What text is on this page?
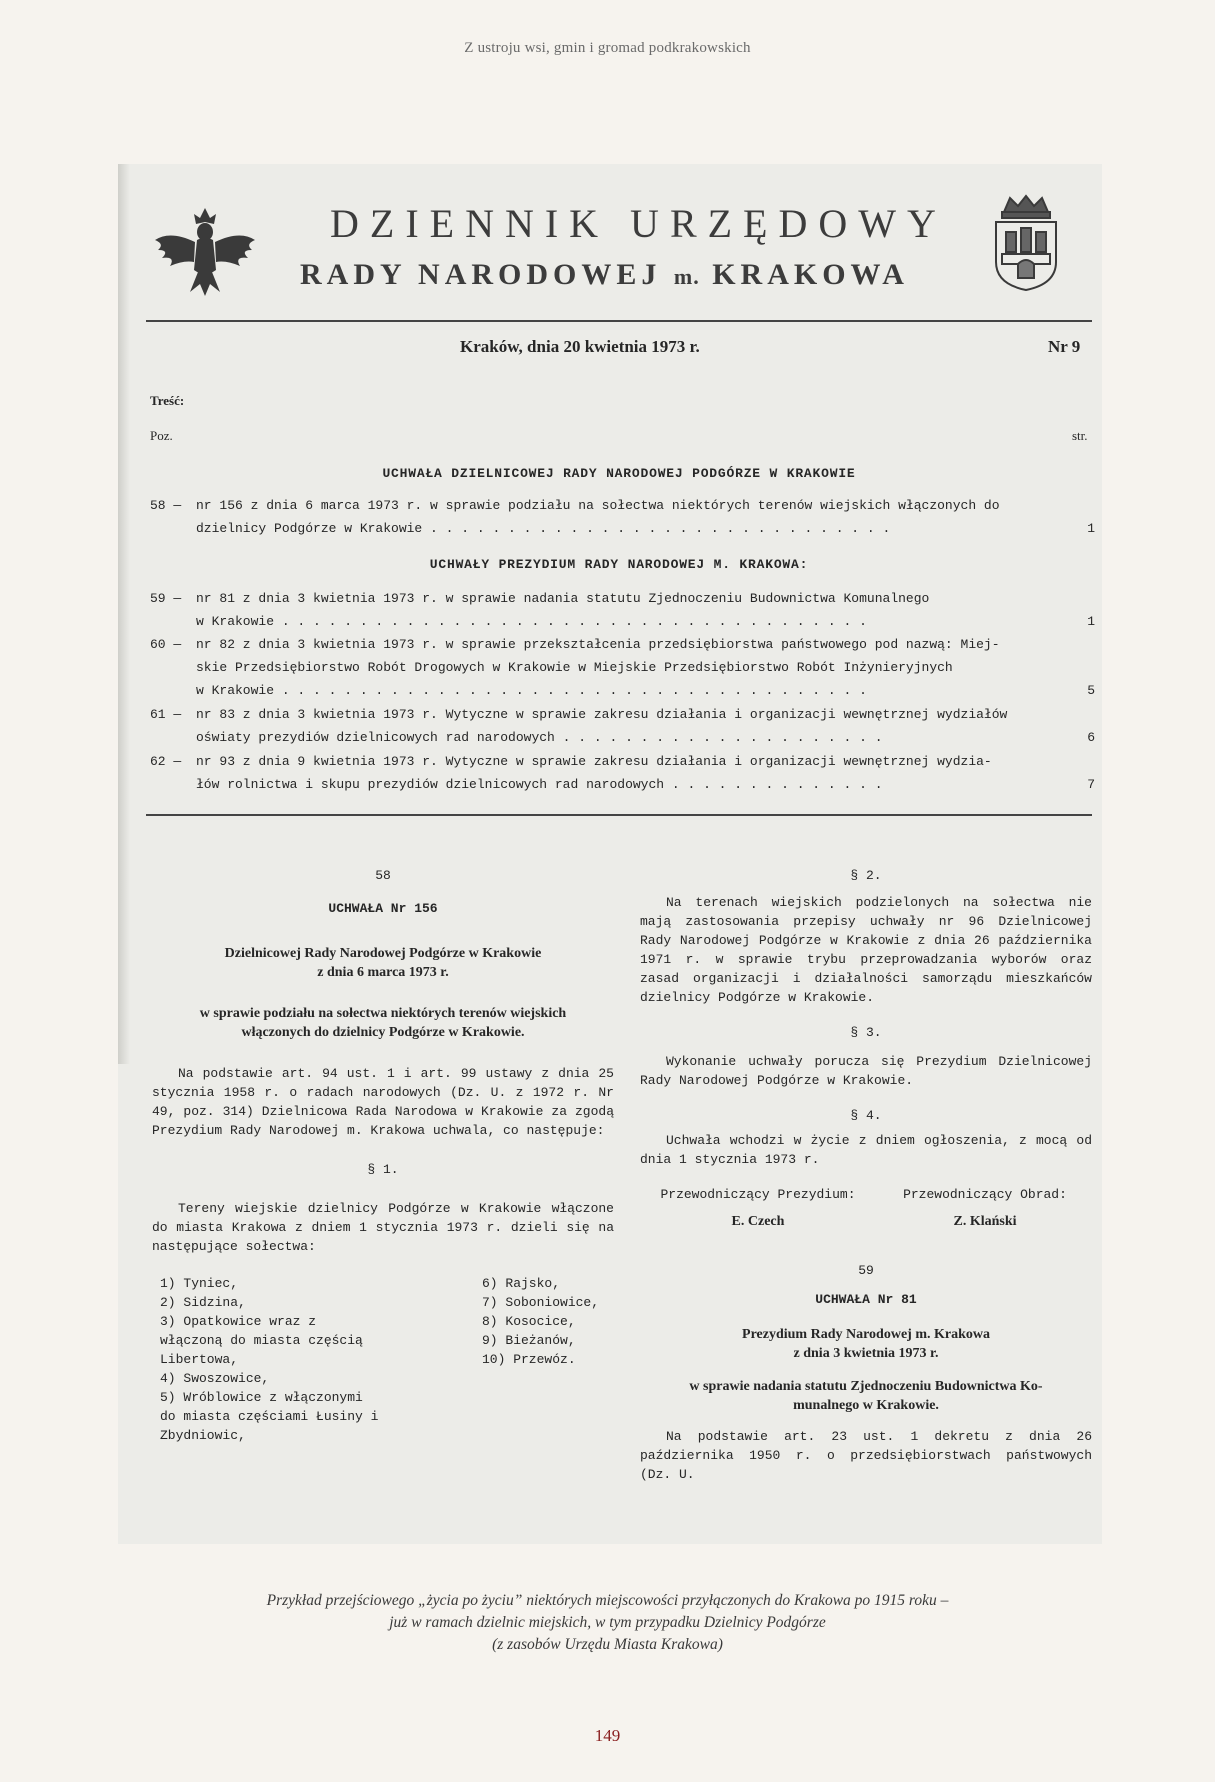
Z ustroju wsi, gmin i gromad podkrakowskich
DZIENNIK URZĘDOWY
RADY NARODOWEJ m. KRAKOWA
Kraków, dnia 20 kwietnia 1973 r.	Nr 9
Treść:
Poz.	str.
UCHWAŁA DZIELNICOWEJ RADY NARODOWEJ PODGÓRZE W KRAKOWIE
58 — nr 156 z dnia 6 marca 1973 r. w sprawie podziału na sołectwa niektórych terenów wiejskich włączonych do
dzielnicy Podgórze w Krakowie . . . . . . . . . . . . . . . . . . . . . . . . . . . . . .	1
UCHWAŁY PREZYDIUM RADY NARODOWEJ M. KRAKOWA:
59 — nr 81 z dnia 3 kwietnia 1973 r. w sprawie nadania statutu Zjednoczeniu Budownictwa Komunalnego
w Krakowie . . . . . . . . . . . . . . . . . . . . . . . . . . . . . . . . . . . . . .	1
60 — nr 82 z dnia 3 kwietnia 1973 r. w sprawie przekształcenia przedsiębiorstwa państwowego pod nazwą: Miej-
skie Przedsiębiorstwo Robót Drogowych w Krakowie w Miejskie Przedsiębiorstwo Robót Inżynieryjnych
w Krakowie . . . . . . . . . . . . . . . . . . . . . . . . . . . . . . . . . . . . . .	5
61 — nr 83 z dnia 3 kwietnia 1973 r. Wytyczne w sprawie zakresu działania i organizacji wewnętrznej wydziałów
oświaty prezydiów dzielnicowych rad narodowych . . . . . . . . . . . . . . . . . . . . .	6
62 — nr 93 z dnia 9 kwietnia 1973 r. Wytyczne w sprawie zakresu działania i organizacji wewnętrznej wydzia-
łów rolnictwa i skupu prezydiów dzielnicowych rad narodowych . . . . . . . . . . . . . .	7
58
UCHWAŁA Nr 156
Dzielnicowej Rady Narodowej Podgórze w Krakowie
z dnia 6 marca 1973 r.
w sprawie podziału na sołectwa niektórych terenów wiejskich
włączonych do dzielnicy Podgórze w Krakowie.
Na podstawie art. 94 ust. 1 i art. 99 ustawy z dnia 25 stycznia 1958 r. o radach narodowych (Dz. U. z 1972 r. Nr 49, poz. 314) Dzielnicowa Rada Narodowa w Krakowie za zgodą Prezydium Rady Narodowej m. Krakowa uchwala, co następuje:
§ 1.
Tereny wiejskie dzielnicy Podgórze w Krakowie włączone do miasta Krakowa z dniem 1 stycznia 1973 r. dzieli się na następujące sołectwa:
1) Tyniec,
2) Sidzina,
3) Opatkowice wraz z włączoną do miasta częścią Libertowa,
4) Swoszowice,
5) Wróblowice z włączonymi do miasta częściami Łusiny i Zbydniowic,
6) Rajsko,
7) Soboniowice,
8) Kosocice,
9) Bieżanów,
10) Przewóz.
§ 2.
Na terenach wiejskich podzielonych na sołectwa nie mają zastosowania przepisy uchwały nr 96 Dzielnicowej Rady Narodowej Podgórze w Krakowie z dnia 26 października 1971 r. w sprawie trybu przeprowadzania wyborów oraz zasad organizacji i działalności samorządu mieszkańców dzielnicy Podgórze w Krakowie.
§ 3.
Wykonanie uchwały poruczа się Prezydium Dzielnicowej Rady Narodowej Podgórze w Krakowie.
§ 4.
Uchwała wchodzi w życie z dniem ogłoszenia, z mocą od dnia 1 stycznia 1973 r.
Przewodniczący Prezydium:
E. Czech
Przewodniczący Obrad:
Z. Klański
59
UCHWAŁA Nr 81
Prezydium Rady Narodowej m. Krakowa
z dnia 3 kwietnia 1973 r.
w sprawie nadania statutu Zjednoczeniu Budownictwa Ko-
munalnego w Krakowie.
Na podstawie art. 23 ust. 1 dekretu z dnia 26 października 1950 r. o przedsiębiorstwach państwowych (Dz. U.
Przykład przejściowego „życia po życiu” niektórych miejscowości przyłączonych do Krakowa po 1915 roku –
już w ramach dzielnic miejskich, w tym przypadku Dzielnicy Podgórze
(z zasobów Urzędu Miasta Krakowa)
149
